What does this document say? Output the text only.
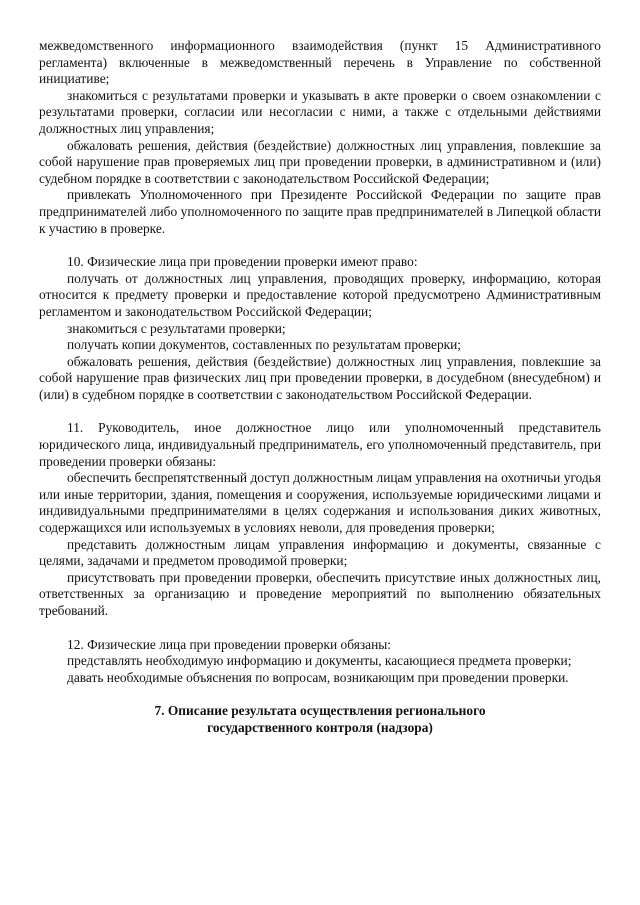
межведомственного информационного взаимодействия (пункт 15 Административного регламента) включенные в межведомственный перечень в Управление по собственной инициативе;

знакомиться с результатами проверки и указывать в акте проверки о своем ознакомлении с результатами проверки, согласии или несогласии с ними, а также с отдельными действиями должностных лиц управления;

обжаловать решения, действия (бездействие) должностных лиц управления, повлекшие за собой нарушение прав проверяемых лиц при проведении проверки, в административном и (или) судебном порядке в соответствии с законодательством Российской Федерации;

привлекать Уполномоченного при Президенте Российской Федерации по защите прав предпринимателей либо уполномоченного по защите прав предпринимателей в Липецкой области к участию в проверке.

10. Физические лица при проведении проверки имеют право:

получать от должностных лиц управления, проводящих проверку, информацию, которая относится к предмету проверки и предоставление которой предусмотрено Административным регламентом и законодательством Российской Федерации;

знакомиться с результатами проверки;

получать копии документов, составленных по результатам проверки;

обжаловать решения, действия (бездействие) должностных лиц управления, повлекшие за собой нарушение прав физических лиц при проведении проверки, в досудебном (внесудебном) и (или) в судебном порядке в соответствии с законодательством Российской Федерации.

11. Руководитель, иное должностное лицо или уполномоченный представитель юридического лица, индивидуальный предприниматель, его уполномоченный представитель, при проведении проверки обязаны:

обеспечить беспрепятственный доступ должностным лицам управления на охотничьи угодья или иные территории, здания, помещения и сооружения, используемые юридическими лицами и индивидуальными предпринимателями в целях содержания и использования диких животных, содержащихся или используемых в условиях неволи, для проведения проверки;

представить должностным лицам управления информацию и документы, связанные с целями, задачами и предметом проводимой проверки;

присутствовать при проведении проверки, обеспечить присутствие иных должностных лиц, ответственных за организацию и проведение мероприятий по выполнению обязательных требований.

12. Физические лица при проведении проверки обязаны:

представлять необходимую информацию и документы, касающиеся предмета проверки;

давать необходимые объяснения по вопросам, возникающим при проведении проверки.

7. Описание результата осуществления регионального

государственного контроля (надзора)
